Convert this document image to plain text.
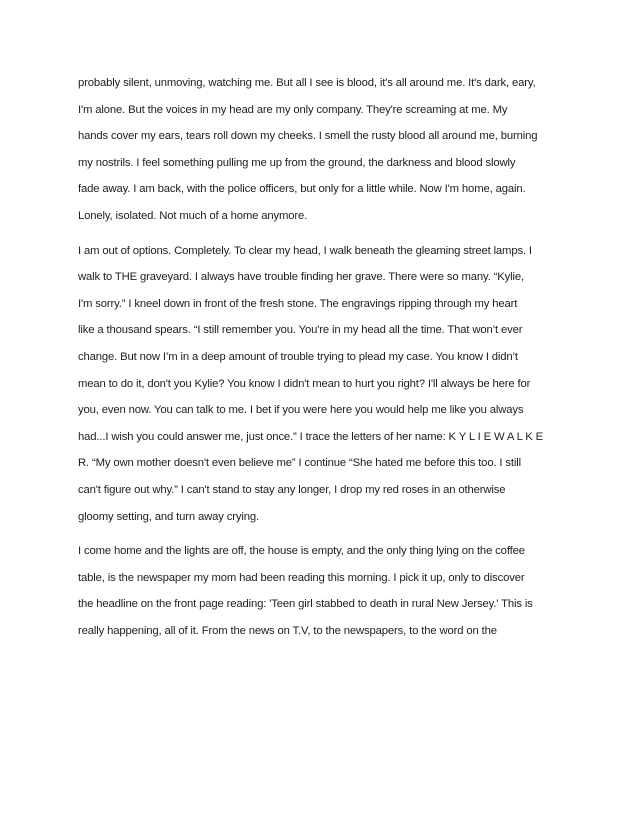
probably silent, unmoving, watching me. But all I see is blood, it's all around me. It's dark, eary,
I'm alone. But the voices in my head are my only company. They're screaming at me. My
hands cover my ears, tears roll down my cheeks. I smell the rusty blood all around me, burning
my nostrils. I feel something pulling me up from the ground, the darkness and blood slowly
fade away. I am back, with the police officers, but only for a little while. Now I'm home, again.
Lonely, isolated. Not much of a home anymore.
I am out of options. Completely. To clear my head, I walk beneath the gleaming street lamps. I
walk to THE graveyard. I always have trouble finding her grave. There were so many. “Kylie,
I'm sorry.” I kneel down in front of the fresh stone. The engravings ripping through my heart
like a thousand spears. “I still remember you. You're in my head all the time. That won’t ever
change. But now I’m in a deep amount of trouble trying to plead my case. You know I didn’t
mean to do it, don't you Kylie? You know I didn't mean to hurt you right? I'll always be here for
you, even now. You can talk to me. I bet if you were here you would help me like you always
had...I wish you could answer me, just once.” I trace the letters of her name: K Y L I E W A L K E
R. “My own mother doesn't even believe me” I continue “She hated me before this too. I still
can't figure out why.” I can't stand to stay any longer, I drop my red roses in an otherwise
gloomy setting, and turn away crying.
I come home and the lights are off, the house is empty, and the only thing lying on the coffee
table, is the newspaper my mom had been reading this morning. I pick it up, only to discover
the headline on the front page reading: 'Teen girl stabbed to death in rural New Jersey.' This is
really happening, all of it. From the news on T.V, to the newspapers, to the word on the
